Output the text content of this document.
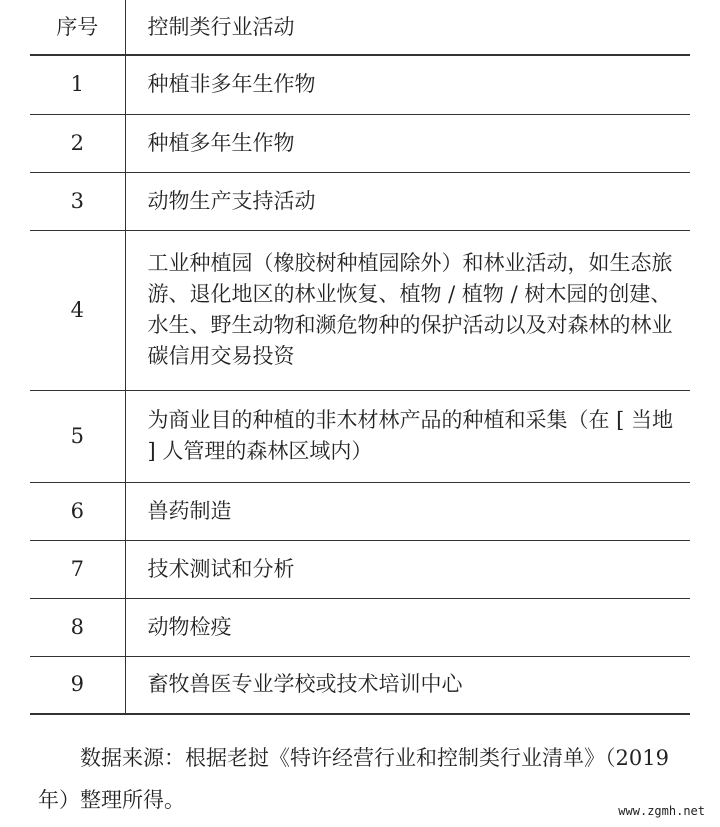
序号	控制类行业活动
1	种植非多年生作物
2	种植多年生作物
3	动物生产支持活动
4	工业种植园（橡胶树种植园除外）和林业活动，如生态旅游、退化地区的林业恢复、植物 / 植物 / 树木园的创建、水生、野生动物和濒危物种的保护活动以及对森林的林业碳信用交易投资
5	为商业目的种植的非木材林产品的种植和采集（在 [ 当地 ] 人管理的森林区域内）
6	兽药制造
7	技术测试和分析
8	动物检疫
9	畜牧兽医专业学校或技术培训中心

数据来源：根据老挝《特许经营行业和控制类行业清单》（2019 年）整理所得。	www.zgmh.net
